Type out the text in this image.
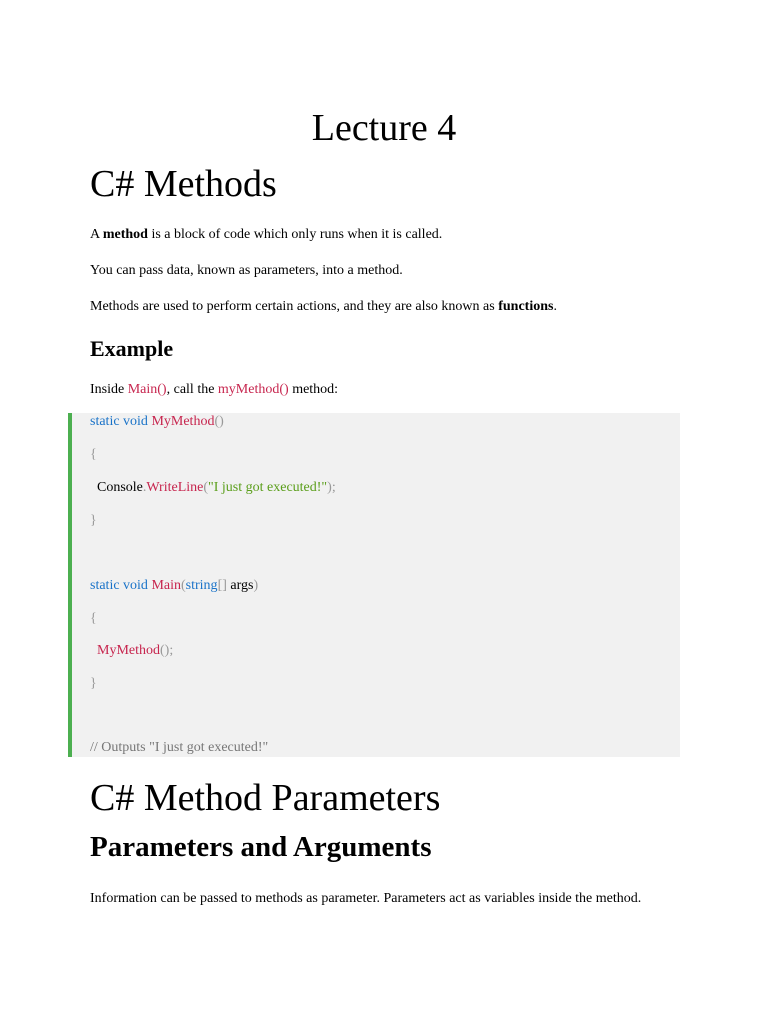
Lecture 4
C# Methods

A method is a block of code which only runs when it is called.

You can pass data, known as parameters, into a method.

Methods are used to perform certain actions, and they are also known as functions.

Example

Inside Main(), call the myMethod() method:

static void MyMethod()
{
Console.WriteLine("I just got executed!");
}
static void Main(string[] args)
{
MyMethod();
}
// Outputs "I just got executed!"
C# Method Parameters
Parameters and Arguments

Information can be passed to methods as parameter. Parameters act as variables inside the method.
